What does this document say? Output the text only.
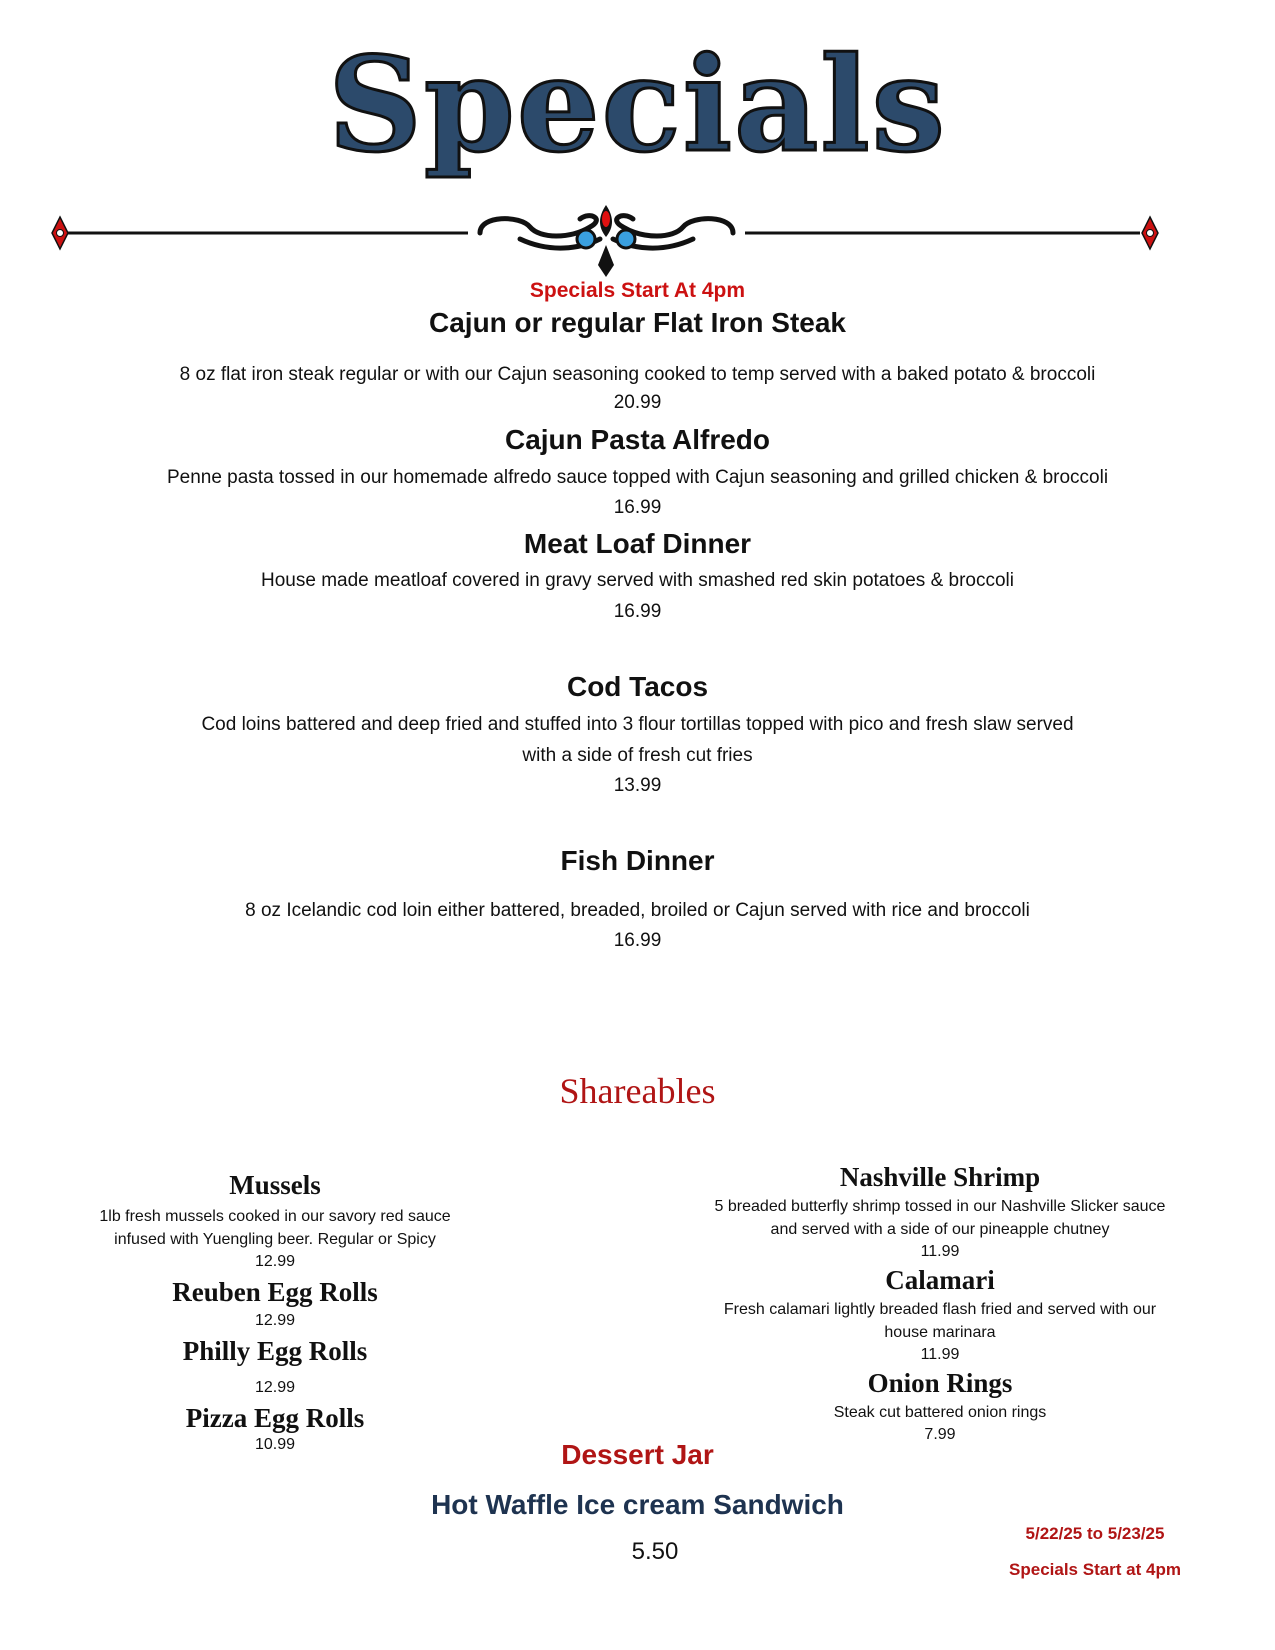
Specials
Specials Start At 4pm
Cajun or regular Flat Iron Steak
8 oz flat iron steak regular or with our Cajun seasoning cooked to temp served with a baked potato & broccoli
20.99
Cajun Pasta Alfredo
Penne pasta tossed in our homemade alfredo sauce topped with Cajun seasoning and grilled chicken & broccoli
16.99
Meat Loaf Dinner
House made meatloaf covered in gravy served with smashed red skin potatoes & broccoli
16.99
Cod Tacos
Cod loins battered and deep fried and stuffed into 3 flour tortillas topped with pico and fresh slaw served
with a side of fresh cut fries
13.99
Fish Dinner
8 oz Icelandic cod loin either battered, breaded, broiled or Cajun served with rice and broccoli
16.99
Shareables
Mussels
1lb fresh mussels cooked in our savory red sauce
infused with Yuengling beer. Regular or Spicy
12.99
Reuben Egg Rolls
12.99
Philly Egg Rolls
12.99
Pizza Egg Rolls
10.99
Nashville Shrimp
5 breaded butterfly shrimp tossed in our Nashville Slicker sauce
and served with a side of our pineapple chutney
11.99
Calamari
Fresh calamari lightly breaded flash fried and served with our
house marinara
11.99
Onion Rings
Steak cut battered onion rings
7.99
Dessert Jar
Hot Waffle Ice cream Sandwich
5.50
5/22/25 to 5/23/25
Specials Start at 4pm
